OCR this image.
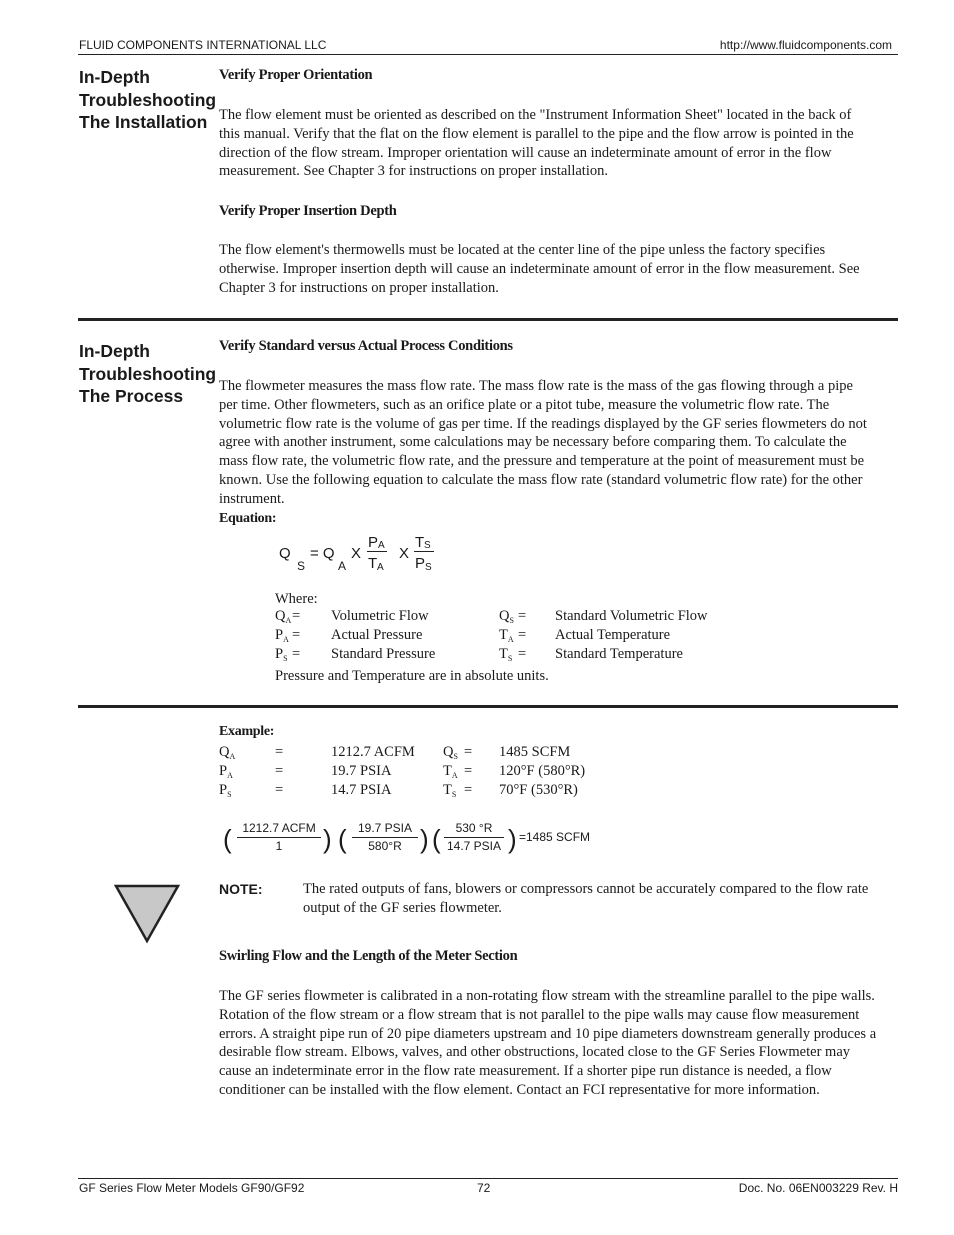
FLUID COMPONENTS INTERNATIONAL LLC	http://www.fluidcomponents.com
In-Depth
Troubleshooting
The Installation
Verify Proper Orientation
The flow element must be oriented as described on the "Instrument Information Sheet" located in the back of this manual. Verify that the flat on the flow element is parallel to the pipe and the flow arrow is pointed in the direction of the flow stream. Improper orientation will cause an indeterminate amount of error in the flow measurement. See Chapter 3 for instructions on proper installation.
Verify Proper Insertion Depth
The flow element's thermowells must be located at the center line of the pipe unless the factory specifies otherwise. Improper insertion depth will cause an indeterminate amount of error in the flow measurement. See Chapter 3 for instructions on proper installation.
In-Depth
Troubleshooting
The Process
Verify Standard versus Actual Process Conditions
The flowmeter measures the mass flow rate. The mass flow rate is the mass of the gas flowing through a pipe per time. Other flowmeters, such as an orifice plate or a pitot tube, measure the volumetric flow rate. The volumetric flow rate is the volume of gas per time. If the readings displayed by the GF series flowmeters do not agree with another instrument, some calculations may be necessary before comparing them. To calculate the mass flow rate, the volumetric flow rate, and the pressure and temperature at the point of measurement must be known. Use the following equation to calculate the mass flow rate (standard volumetric flow rate) for the other instrument.
Equation:
Q
S
= Q
A
X
P A
T A
X
T S
P S
Where:
$Q_A$ = Volumetric Flow	$Q_S$ = Standard Volumetric Flow
$P_A$ = Actual Pressure	$T_A$ = Actual Temperature
$P_S$ = Standard Pressure	$T_S$ = Standard Temperature
Pressure and Temperature are in absolute units.
Example:
$Q_A$	=	1212.7 ACFM $Q_S = 1485$ SCFM
$P_A$	=	19.7 PSIA	$T_A = 120^\circ F$ (580°R)
$P_S$	=	14.7 PSIA	$T_S = 70^\circ F$ (530°R)
( 1212.7 ACFM
1	) ( 19.7 PSIA
580°R ) (	530 °R
14.7 PSIA ) =1485 SCFM
NOTE:	The rated outputs of fans, blowers or compressors cannot be accurately compared to the flow rate output of the GF series flowmeter.
Swirling Flow and the Length of the Meter Section
The GF series flowmeter is calibrated in a non-rotating flow stream with the streamline parallel to the pipe walls. Rotation of the flow stream or a flow stream that is not parallel to the pipe walls may cause flow measurement errors. A straight pipe run of 20 pipe diameters upstream and 10 pipe diameters downstream generally produces a desirable flow stream. Elbows, valves, and other obstructions, located close to the GF Series Flowmeter may cause an indeterminate error in the flow rate measurement. If a shorter pipe run distance is needed, a flow conditioner can be installed with the flow element. Contact an FCI representative for more information.
GF Series Flow Meter Models GF90/GF92	72	Doc. No. 06EN003229 Rev. H
